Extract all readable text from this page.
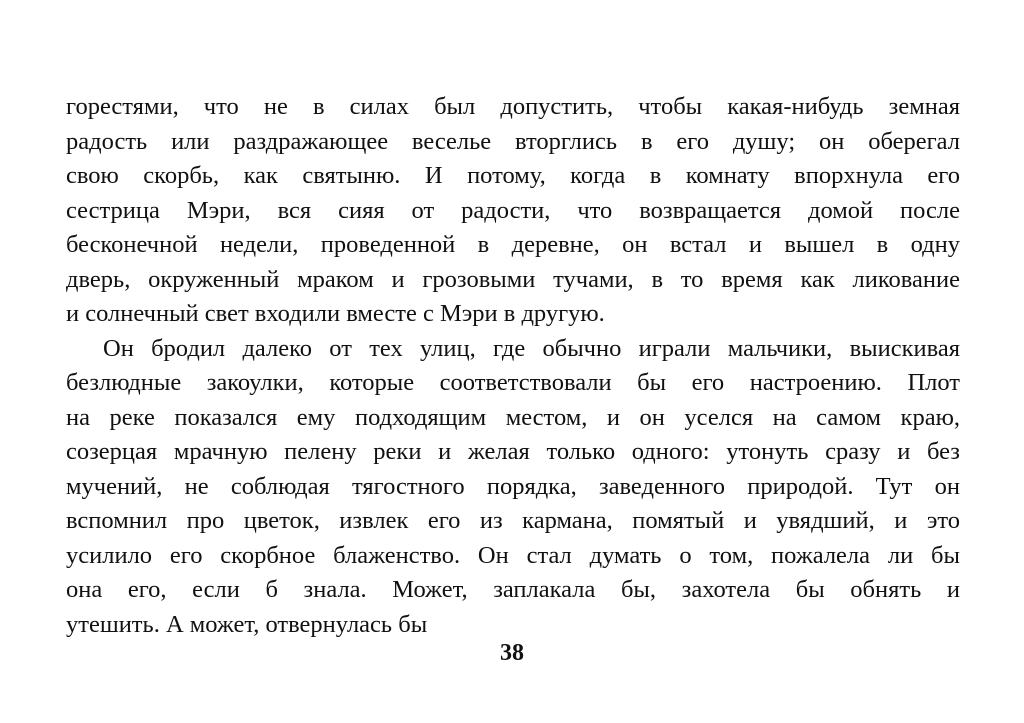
горестями, что не в силах был допустить, чтобы какая-нибудь земная
радость или раздражающее веселье вторглись в его душу; он оберегал
свою скорбь, как святыню. И потому, когда в комнату впорхнула его
сестрица Мэри, вся сияя от радости, что возвращается домой после
бесконечной недели, проведенной в деревне, он встал и вышел в одну
дверь, окруженный мраком и грозовыми тучами, в то время как ликование
и солнечный свет входили вместе с Мэри в другую.
Он бродил далеко от тех улиц, где обычно играли мальчики, выискивая
безлюдные закоулки, которые соответствовали бы его настроению. Плот
на реке показался ему подходящим местом, и он уселся на самом краю,
созерцая мрачную пелену реки и желая только одного: утонуть сразу и без
мучений, не соблюдая тягостного порядка, заведенного природой. Тут он
вспомнил про цветок, извлек его из кармана, помятый и увядший, и это
усилило его скорбное блаженство. Он стал думать о том, пожалела ли бы
она его, если б знала. Может, заплакала бы, захотела бы обнять и
утешить. А может, отвернулась бы
38
